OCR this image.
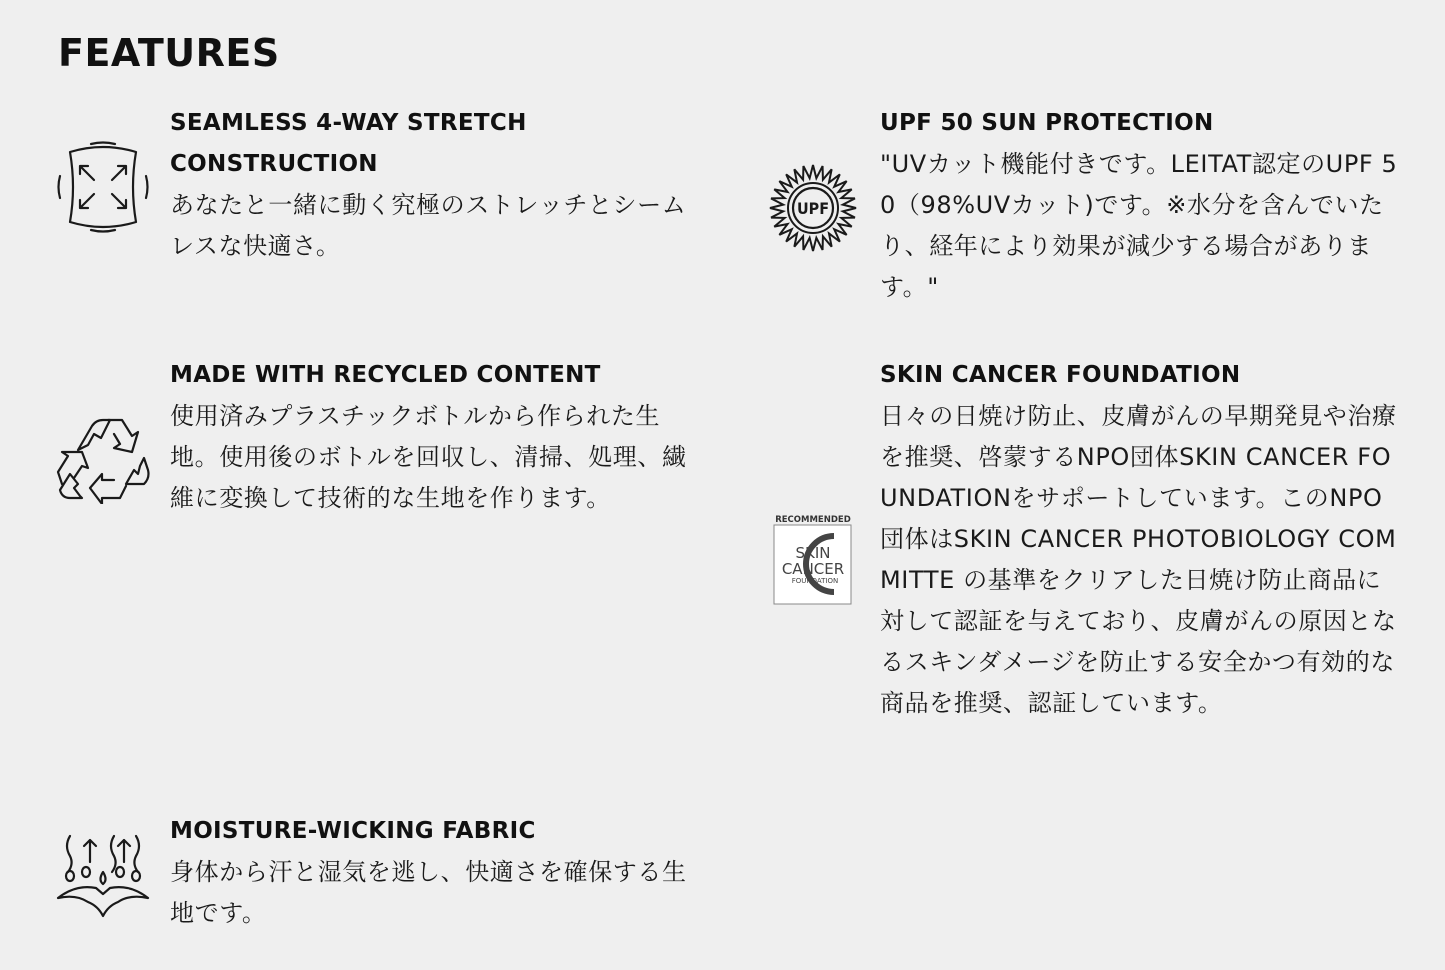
FEATURES
UPF
RECOMMENDED
SKIN
CANCER
FOUNDATION

SEAMLESS 4-WAY STRETCH CONSTRUCTION

あなたと一緒に動く究極のストレッチとシームレスな快適さ。

MADE WITH RECYCLED CONTENT

使用済みプラスチックボトルから作られた生地。使用後のボトルを回収し、清掃、処理、繊維に変換して技術的な生地を作ります。

MOISTURE-WICKING FABRIC

身体から汗と湿気を逃し、快適さを確保する生地です。

UPF 50 SUN PROTECTION

"UVカット機能付きです。LEITAT認定のUPF 50（98%UVカット)です。※水分を含んでいたり、経年により効果が減少する場合があります。"

SKIN CANCER FOUNDATION

日々の日焼け防止、皮膚がんの早期発見や治療を推奨、啓蒙するNPO団体SKIN CANCER FOUNDATIONをサポートしています。このNPO団体はSKIN CANCER PHOTOBIOLOGY COMMITTE の基準をクリアした日焼け防止商品に対して認証を与えており、皮膚がんの原因となるスキンダメージを防止する安全かつ有効的な商品を推奨、認証しています。
